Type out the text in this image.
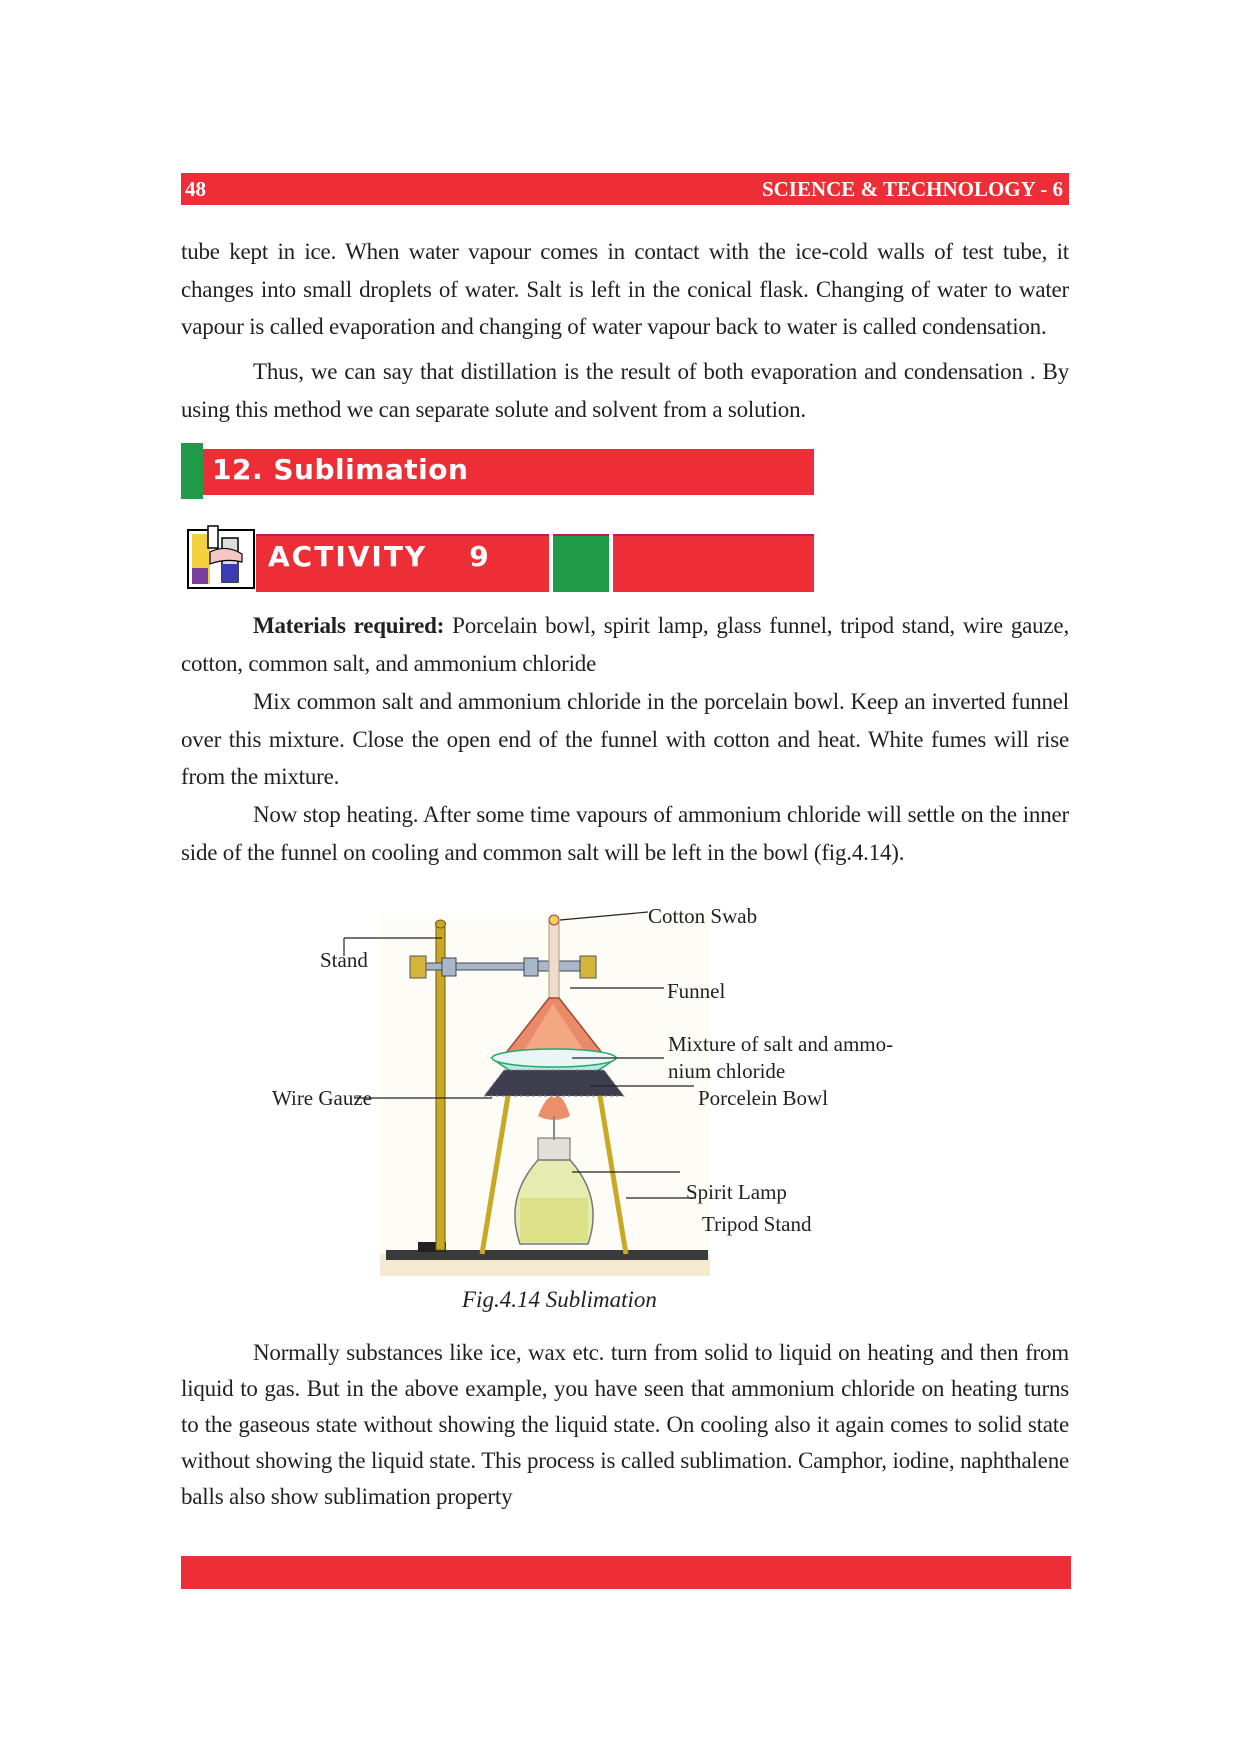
48	SCIENCE & TECHNOLOGY - 6

tube kept in ice. When water vapour comes in contact with the ice-cold walls of test tube, it changes into small droplets of water. Salt is left in the conical flask. Changing of water to water vapour is called evaporation and changing of water vapour back to water is called condensation.

Thus, we can say that distillation is the result of both evaporation and condensation . By using this method we can separate solute and solvent from a solution.

12. Sublimation
ACTIVITY 9

Materials required: Porcelain bowl, spirit lamp, glass funnel, tripod stand, wire gauze, cotton, common salt, and ammonium chloride

Mix common salt and ammonium chloride in the porcelain bowl. Keep an inverted funnel over this mixture. Close the open end of the funnel with cotton and heat. White fumes will rise from the mixture.

Now stop heating. After some time vapours of ammonium chloride will settle on the inner side of the funnel on cooling and common salt will be left in the bowl (fig.4.14).

Stand
Cotton Swab
Funnel
Mixture of salt and ammo-
nium chloride
Wire Gauze	Porcelein Bowl
Spirit Lamp
Tripod Stand
Fig.4.14 Sublimation

Normally substances like ice, wax etc. turn from solid to liquid on heating and then from liquid to gas. But in the above example, you have seen that ammonium chloride on heating turns to the gaseous state without showing the liquid state. On cooling also it again comes to solid state without showing the liquid state. This process is called sublimation. Camphor, iodine, naphthalene balls also show sublimation property
